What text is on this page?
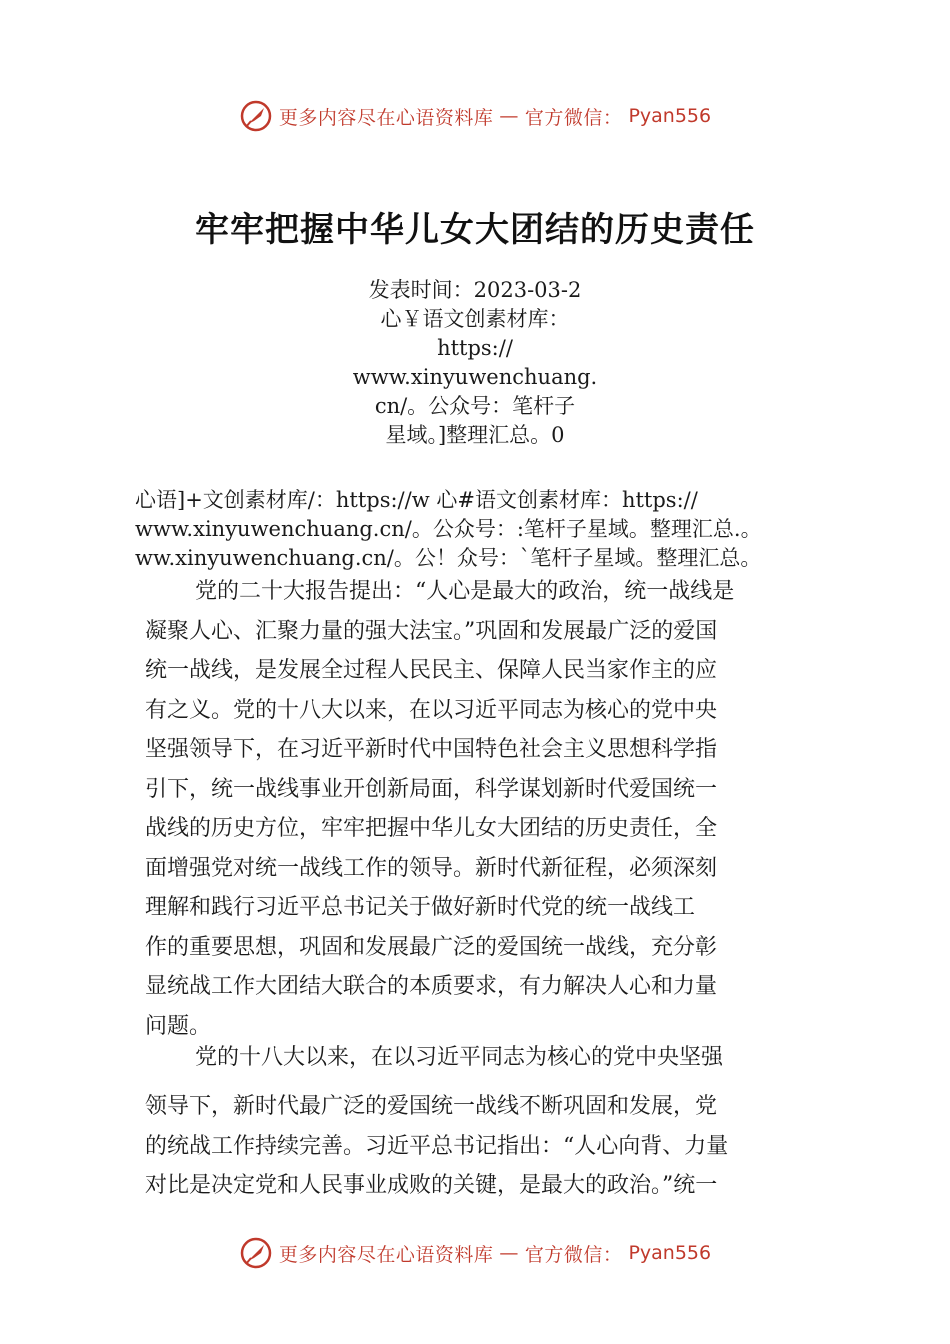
更多内容尽在心语资料库 — 官方微信： Pyan556
牢牢把握中华儿女大团结的历史责任
发表时间：2023-03-2
心￥语文创素材库：
https://
www.xinyuwenchuang.
cn/。公众号：笔杆子
星域。]整理汇总。0
心语]+文创素材库/：https://w 心#语文创素材库：https://
www.xinyuwenchuang.cn/。公众号：:笔杆子星域。整理汇总.。
ww.xinyuwenchuang.cn/。公！众号：`笔杆子星域。整理汇总。
党的二十大报告提出：“人心是最大的政治，统一战线是
凝聚人心、汇聚力量的强大法宝。”巩固和发展最广泛的爱国
统一战线，是发展全过程人民民主、保障人民当家作主的应
有之义。党的十八大以来，在以习近平同志为核心的党中央
坚强领导下，在习近平新时代中国特色社会主义思想科学指
引下，统一战线事业开创新局面，科学谋划新时代爱国统一
战线的历史方位，牢牢把握中华儿女大团结的历史责任，全
面增强党对统一战线工作的领导。新时代新征程，必须深刻
理解和践行习近平总书记关于做好新时代党的统一战线工
作的重要思想，巩固和发展最广泛的爱国统一战线，充分彰
显统战工作大团结大联合的本质要求，有力解决人心和力量
问题。
党的十八大以来，在以习近平同志为核心的党中央坚强
领导下，新时代最广泛的爱国统一战线不断巩固和发展，党
的统战工作持续完善。习近平总书记指出：“人心向背、力量
对比是决定党和人民事业成败的关键，是最大的政治。”统一
更多内容尽在心语资料库 — 官方微信： Pyan556
